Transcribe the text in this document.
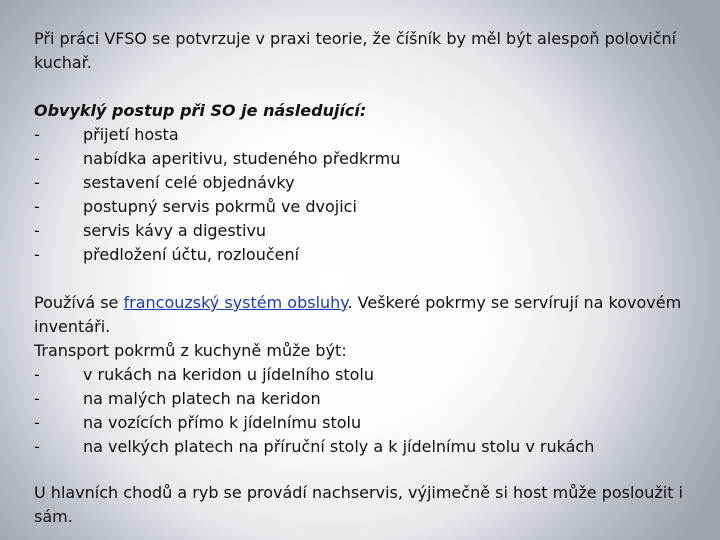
Při práci VFSO se potvrzuje v praxi teorie, že číšník by měl být alespoň poloviční kuchař.

Obvyklý postup při SO je následující:

-	přijetí hosta
-	nabídka aperitivu, studeného předkrmu
-	sestavení celé objednávky
-	postupný servis pokrmů ve dvojici
-	servis kávy a digestivu
-	předložení účtu, rozloučení

Používá se francouzský systém obsluhy. Veškeré pokrmy se servírují na kovovém inventáři.

Transport pokrmů z kuchyně může být:

-	v rukách na keridon u jídelního stolu
-	na malých platech na keridon
-	na vozících přímo k jídelnímu stolu
-	na velkých platech na příruční stoly a k jídelnímu stolu v rukách

U hlavních chodů a ryb se provádí nachservis, výjimečně si host může posloužit i sám.
